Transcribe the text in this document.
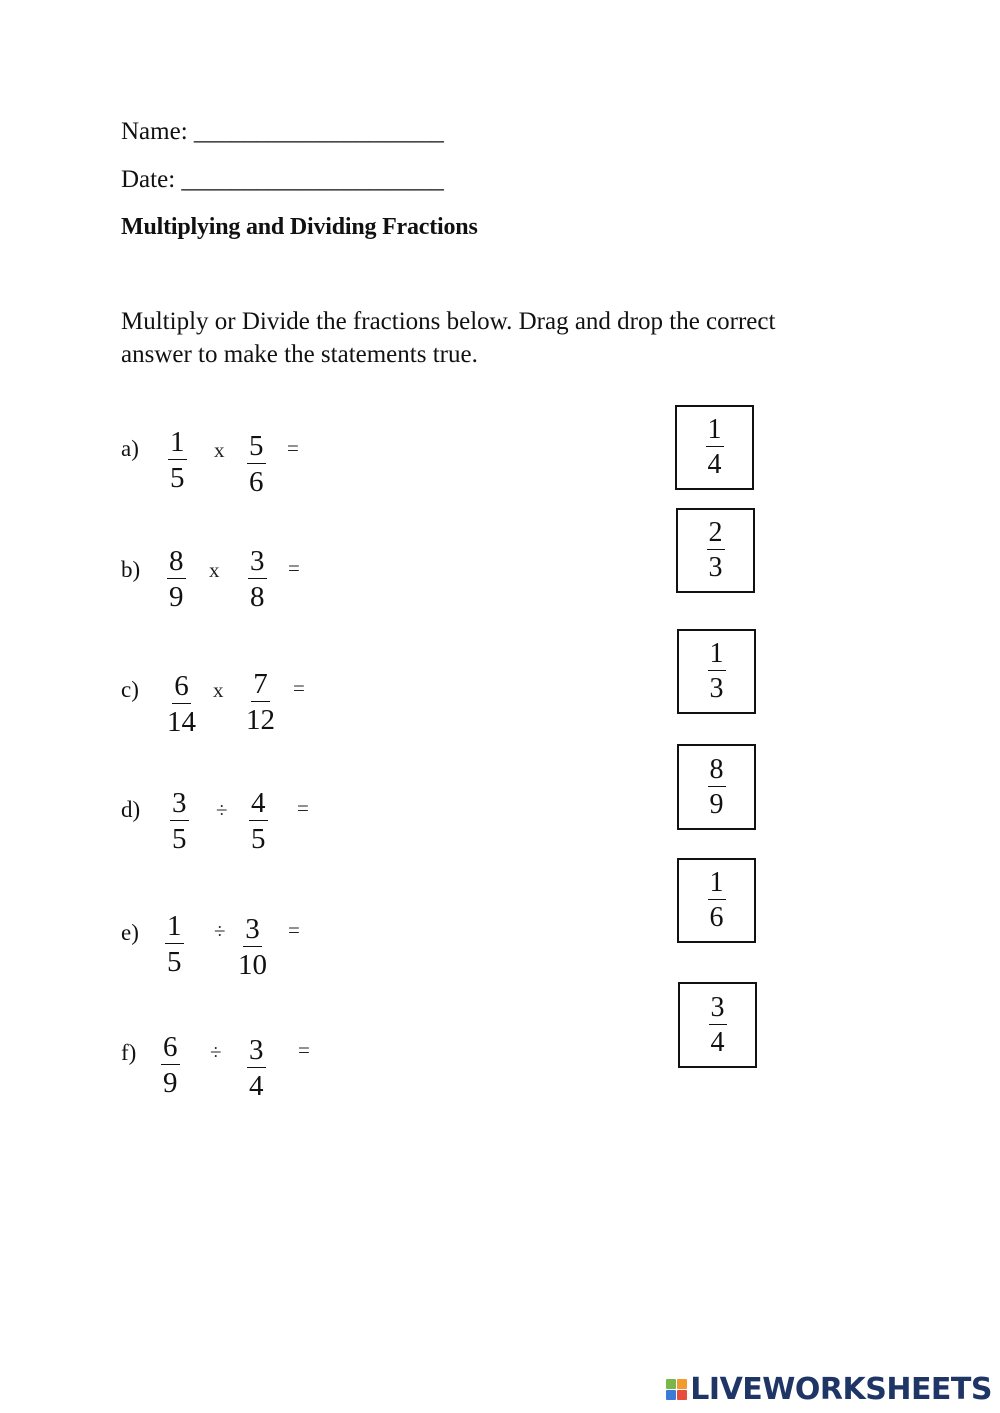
Name: ____________________
Date: _____________________
Multiplying and Dividing Fractions
Multiply or Divide the fractions below. Drag and drop the correct answer to make the statements true.
$a) \frac{1}{5}$ x $\frac{5}{6}$ =
$b) \frac{8}{9}$ x $\frac{3}{8}$ =
$c) \frac{6}{14}$ x $\frac{7}{12}$ =
$d) \frac{3}{5} \div \frac{4}{5}$ =
$e) \frac{1}{5} \div \frac{3}{10}$ =
$f) \frac{6}{9} \div \frac{3}{4}$ =
$\frac{1}{4}$
$\frac{2}{3}$
$\frac{1}{3}$
$\frac{8}{9}$
$\frac{1}{6}$
$\frac{3}{4}$
LIVEWORKSHEETS
